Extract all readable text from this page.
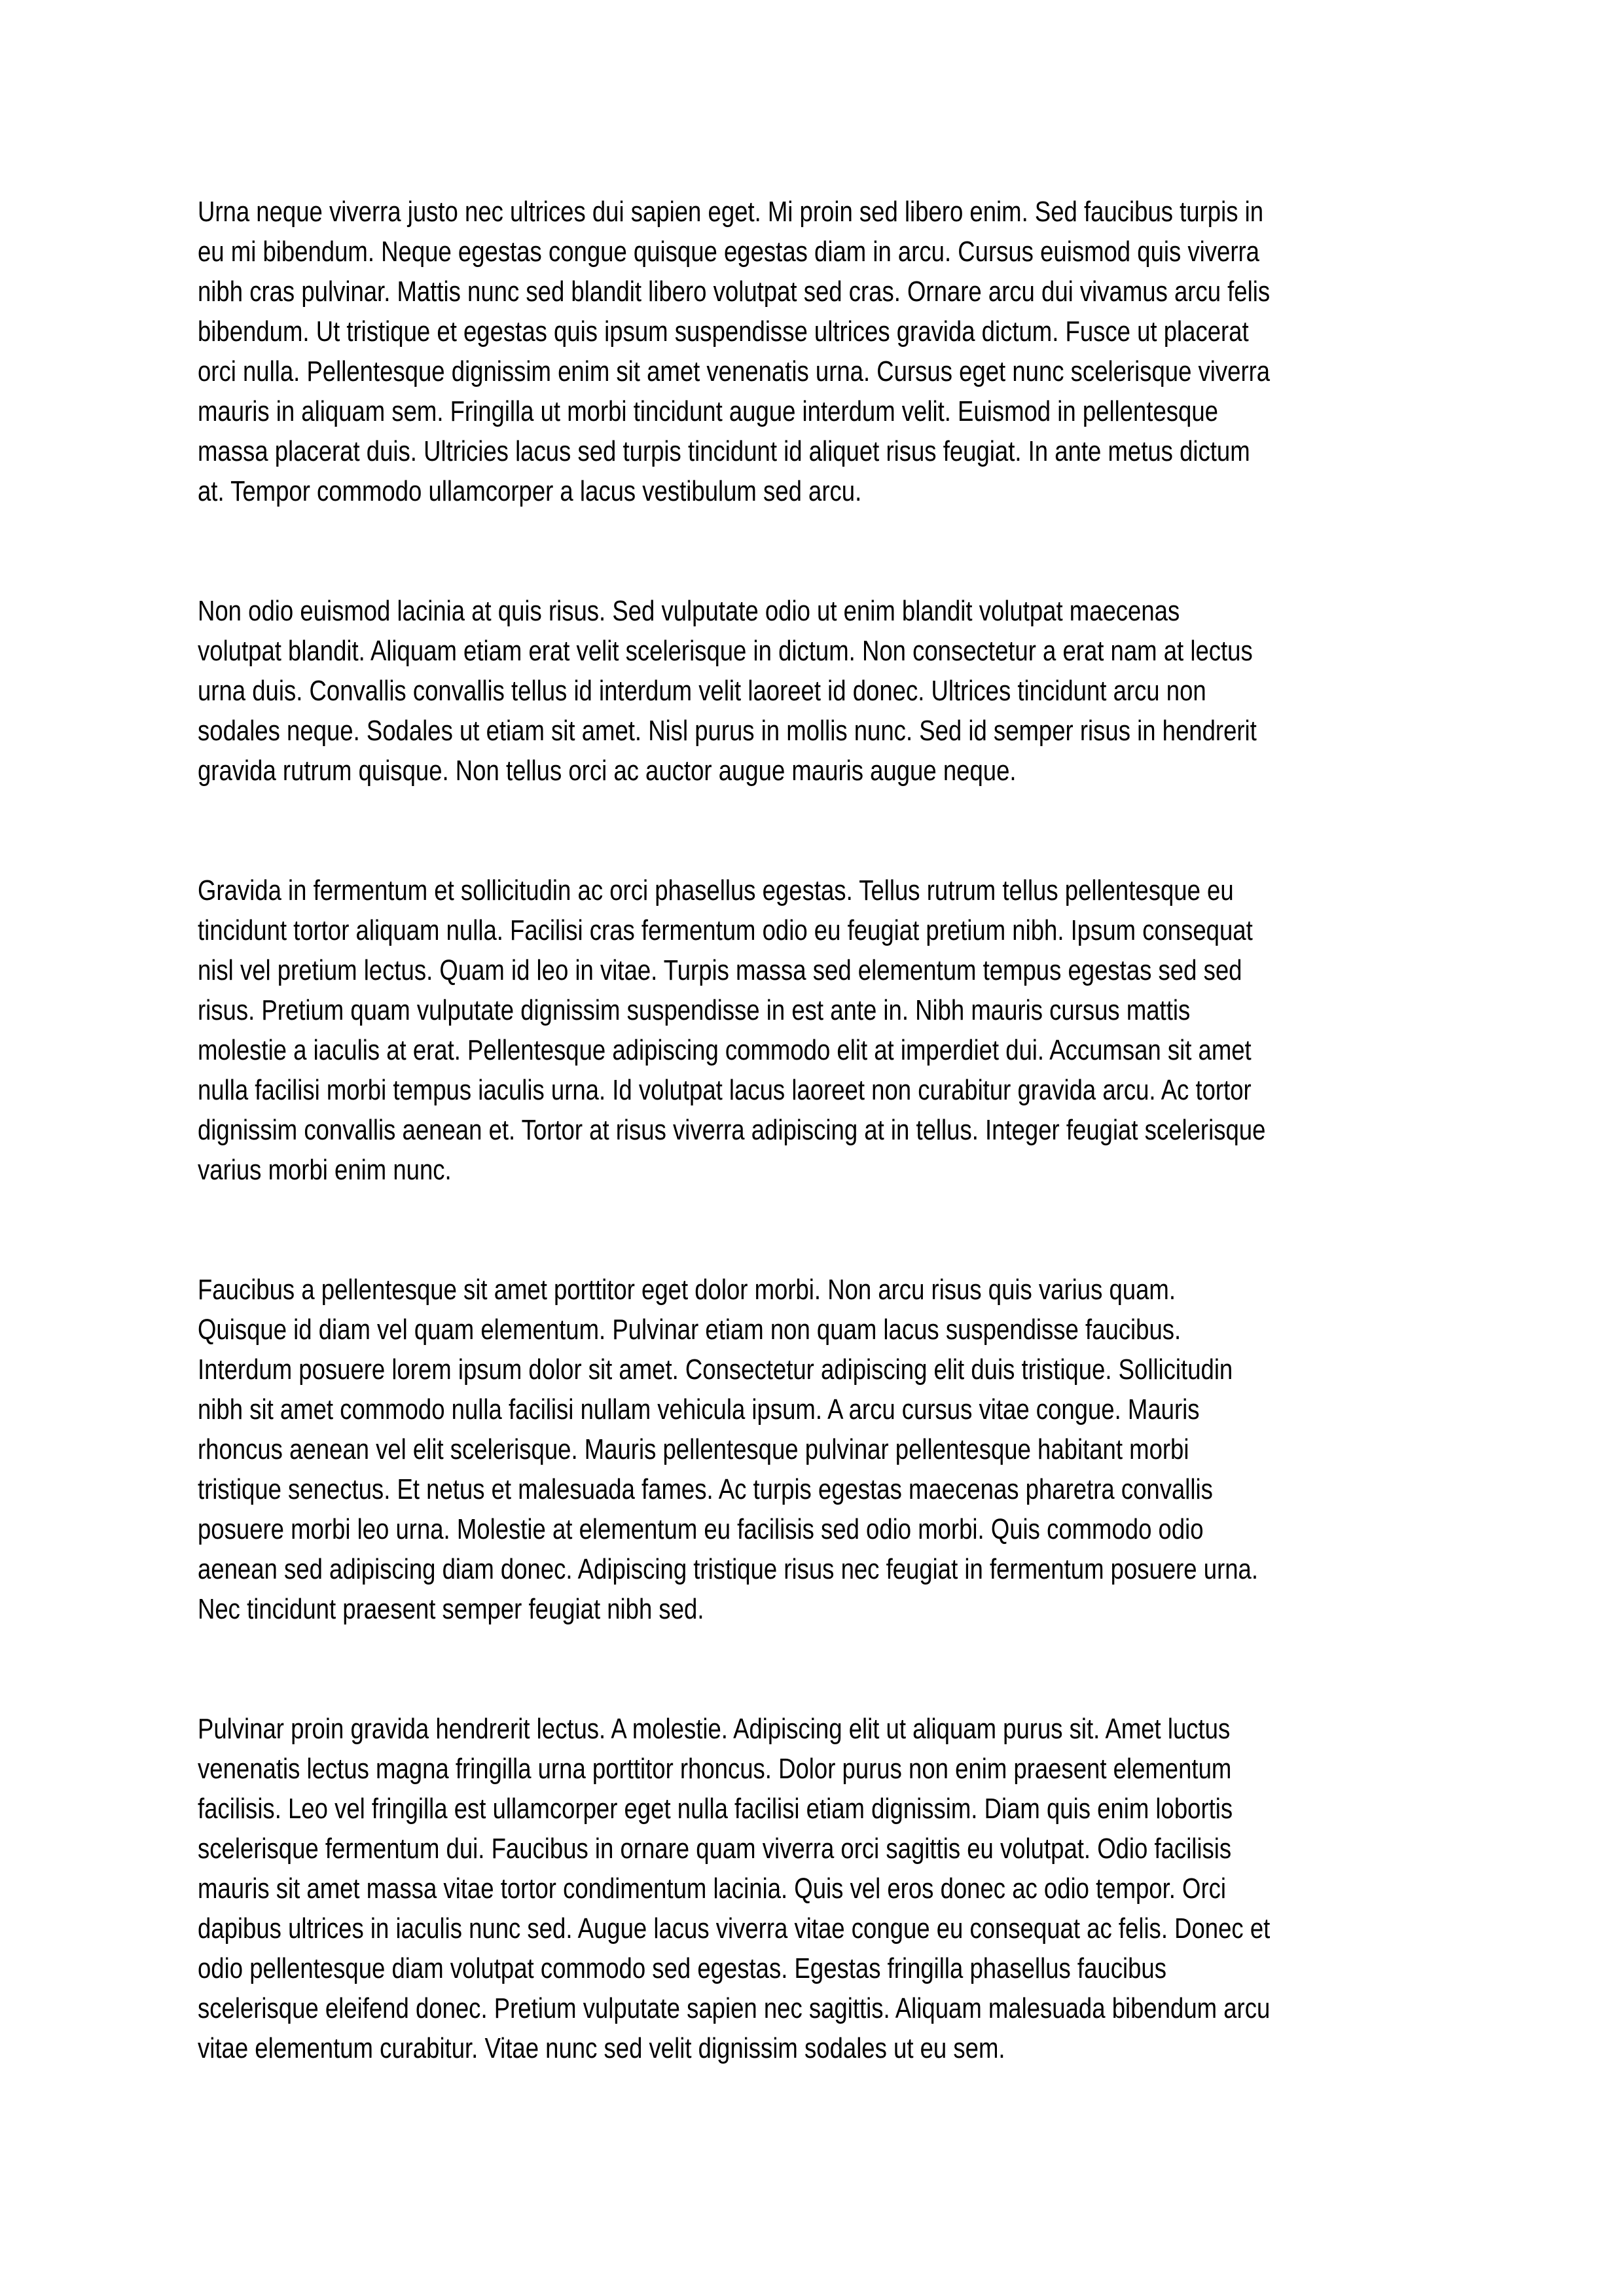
Urna neque viverra justo nec ultrices dui sapien eget. Mi proin sed libero enim. Sed faucibus turpis in
eu mi bibendum. Neque egestas congue quisque egestas diam in arcu. Cursus euismod quis viverra
nibh cras pulvinar. Mattis nunc sed blandit libero volutpat sed cras. Ornare arcu dui vivamus arcu felis
bibendum. Ut tristique et egestas quis ipsum suspendisse ultrices gravida dictum. Fusce ut placerat
orci nulla. Pellentesque dignissim enim sit amet venenatis urna. Cursus eget nunc scelerisque viverra
mauris in aliquam sem. Fringilla ut morbi tincidunt augue interdum velit. Euismod in pellentesque
massa placerat duis. Ultricies lacus sed turpis tincidunt id aliquet risus feugiat. In ante metus dictum
at. Tempor commodo ullamcorper a lacus vestibulum sed arcu.

Non odio euismod lacinia at quis risus. Sed vulputate odio ut enim blandit volutpat maecenas
volutpat blandit. Aliquam etiam erat velit scelerisque in dictum. Non consectetur a erat nam at lectus
urna duis. Convallis convallis tellus id interdum velit laoreet id donec. Ultrices tincidunt arcu non
sodales neque. Sodales ut etiam sit amet. Nisl purus in mollis nunc. Sed id semper risus in hendrerit
gravida rutrum quisque. Non tellus orci ac auctor augue mauris augue neque.

Gravida in fermentum et sollicitudin ac orci phasellus egestas. Tellus rutrum tellus pellentesque eu
tincidunt tortor aliquam nulla. Facilisi cras fermentum odio eu feugiat pretium nibh. Ipsum consequat
nisl vel pretium lectus. Quam id leo in vitae. Turpis massa sed elementum tempus egestas sed sed
risus. Pretium quam vulputate dignissim suspendisse in est ante in. Nibh mauris cursus mattis
molestie a iaculis at erat. Pellentesque adipiscing commodo elit at imperdiet dui. Accumsan sit amet
nulla facilisi morbi tempus iaculis urna. Id volutpat lacus laoreet non curabitur gravida arcu. Ac tortor
dignissim convallis aenean et. Tortor at risus viverra adipiscing at in tellus. Integer feugiat scelerisque
varius morbi enim nunc.

Faucibus a pellentesque sit amet porttitor eget dolor morbi. Non arcu risus quis varius quam.
Quisque id diam vel quam elementum. Pulvinar etiam non quam lacus suspendisse faucibus.
Interdum posuere lorem ipsum dolor sit amet. Consectetur adipiscing elit duis tristique. Sollicitudin
nibh sit amet commodo nulla facilisi nullam vehicula ipsum. A arcu cursus vitae congue. Mauris
rhoncus aenean vel elit scelerisque. Mauris pellentesque pulvinar pellentesque habitant morbi
tristique senectus. Et netus et malesuada fames. Ac turpis egestas maecenas pharetra convallis
posuere morbi leo urna. Molestie at elementum eu facilisis sed odio morbi. Quis commodo odio
aenean sed adipiscing diam donec. Adipiscing tristique risus nec feugiat in fermentum posuere urna.
Nec tincidunt praesent semper feugiat nibh sed.

Pulvinar proin gravida hendrerit lectus. A molestie. Adipiscing elit ut aliquam purus sit. Amet luctus
venenatis lectus magna fringilla urna porttitor rhoncus. Dolor purus non enim praesent elementum
facilisis. Leo vel fringilla est ullamcorper eget nulla facilisi etiam dignissim. Diam quis enim lobortis
scelerisque fermentum dui. Faucibus in ornare quam viverra orci sagittis eu volutpat. Odio facilisis
mauris sit amet massa vitae tortor condimentum lacinia. Quis vel eros donec ac odio tempor. Orci
dapibus ultrices in iaculis nunc sed. Augue lacus viverra vitae congue eu consequat ac felis. Donec et
odio pellentesque diam volutpat commodo sed egestas. Egestas fringilla phasellus faucibus
scelerisque eleifend donec. Pretium vulputate sapien nec sagittis. Aliquam malesuada bibendum arcu
vitae elementum curabitur. Vitae nunc sed velit dignissim sodales ut eu sem.
